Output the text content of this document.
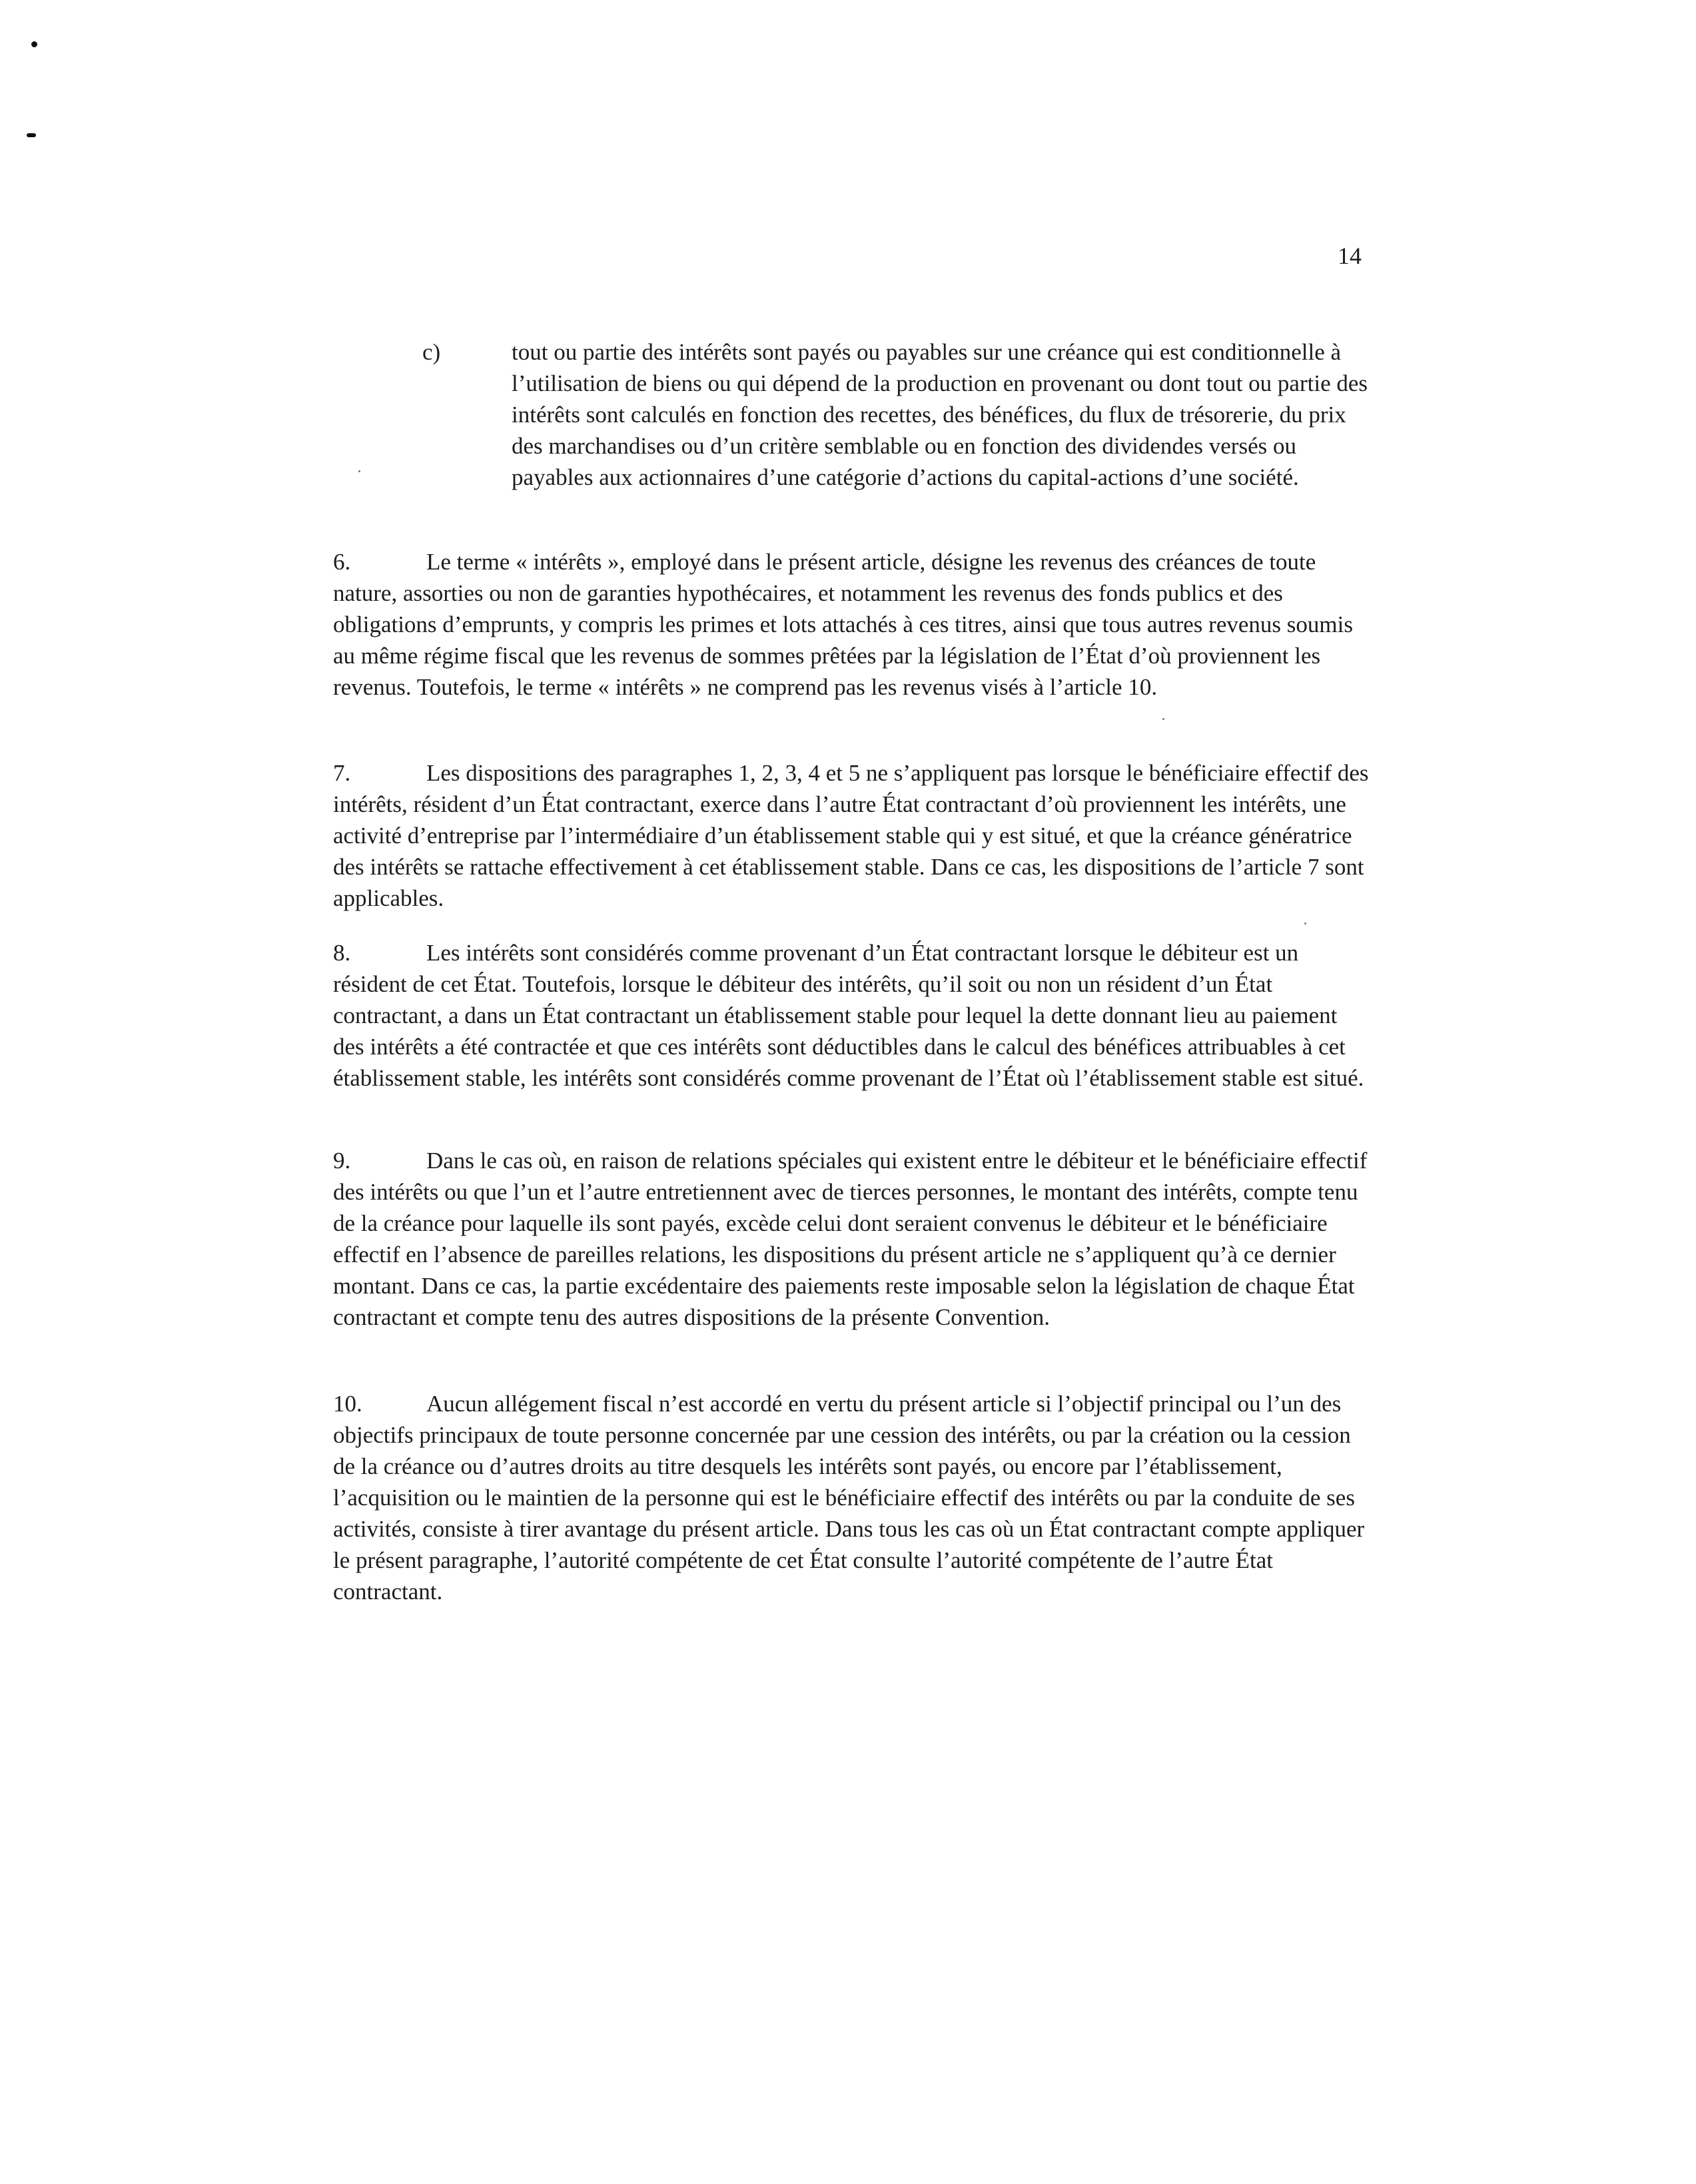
14
c)	tout ou partie des intérêts sont payés ou payables sur une créance qui est conditionnelle à l’utilisation de biens ou qui dépend de la production en provenant ou dont tout ou partie des intérêts sont calculés en fonction des recettes, des bénéfices, du flux de trésorerie, du prix des marchandises ou d’un critère semblable ou en fonction des dividendes versés ou payables aux actionnaires d’une catégorie d’actions du capital-actions d’une société.
6.	Le terme « intérêts », employé dans le présent article, désigne les revenus des créances de toute nature, assorties ou non de garanties hypothécaires, et notamment les revenus des fonds publics et des obligations d’emprunts, y compris les primes et lots attachés à ces titres, ainsi que tous autres revenus soumis au même régime fiscal que les revenus de sommes prêtées par la législation de l’État d’où proviennent les revenus. Toutefois, le terme « intérêts » ne comprend pas les revenus visés à l’article 10.
7.	Les dispositions des paragraphes 1, 2, 3, 4 et 5 ne s’appliquent pas lorsque le bénéficiaire effectif des intérêts, résident d’un État contractant, exerce dans l’autre État contractant d’où proviennent les intérêts, une activité d’entreprise par l’intermédiaire d’un établissement stable qui y est situé, et que la créance génératrice des intérêts se rattache effectivement à cet établissement stable. Dans ce cas, les dispositions de l’article 7 sont applicables.
8.	Les intérêts sont considérés comme provenant d’un État contractant lorsque le débiteur est un résident de cet État. Toutefois, lorsque le débiteur des intérêts, qu’il soit ou non un résident d’un État contractant, a dans un État contractant un établissement stable pour lequel la dette donnant lieu au paiement des intérêts a été contractée et que ces intérêts sont déductibles dans le calcul des bénéfices attribuables à cet établissement stable, les intérêts sont considérés comme provenant de l’État où l’établissement stable est situé.
9.	Dans le cas où, en raison de relations spéciales qui existent entre le débiteur et le bénéficiaire effectif des intérêts ou que l’un et l’autre entretiennent avec de tierces personnes, le montant des intérêts, compte tenu de la créance pour laquelle ils sont payés, excède celui dont seraient convenus le débiteur et le bénéficiaire effectif en l’absence de pareilles relations, les dispositions du présent article ne s’appliquent qu’à ce dernier montant. Dans ce cas, la partie excédentaire des paiements reste imposable selon la législation de chaque État contractant et compte tenu des autres dispositions de la présente Convention.
10.	Aucun allégement fiscal n’est accordé en vertu du présent article si l’objectif principal ou l’un des objectifs principaux de toute personne concernée par une cession des intérêts, ou par la création ou la cession de la créance ou d’autres droits au titre desquels les intérêts sont payés, ou encore par l’établissement, l’acquisition ou le maintien de la personne qui est le bénéficiaire effectif des intérêts ou par la conduite de ses activités, consiste à tirer avantage du présent article. Dans tous les cas où un État contractant compte appliquer le présent paragraphe, l’autorité compétente de cet État consulte l’autorité compétente de l’autre État contractant.
